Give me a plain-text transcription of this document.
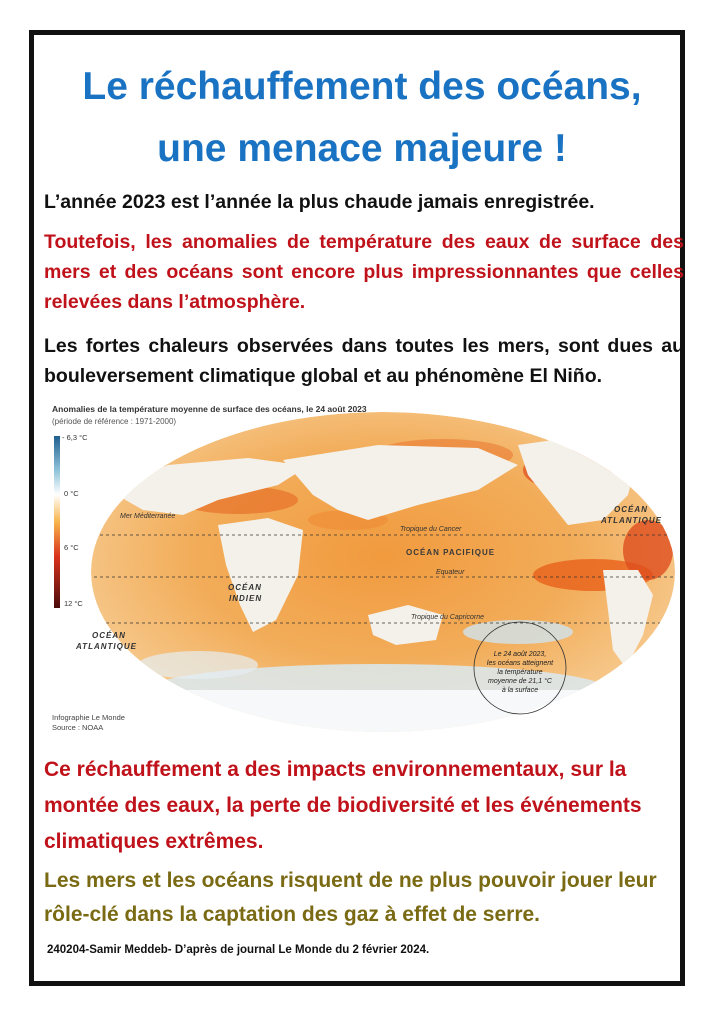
Le réchauffement des océans,
une menace majeure !

L’année 2023 est l’année la plus chaude jamais enregistrée.

Toutefois, les anomalies de température des eaux de surface des mers et des océans sont encore plus impressionnantes que celles relevées dans l’atmosphère.

Les fortes chaleurs observées dans toutes les mers, sont dues au bouleversement climatique global et au phénomène El Niño.

Anomalies de la température moyenne de surface des océans, le 24 août 2023
(période de référence : 1971-2000)
- 6,3 °C
0 °C
6 °C
12 °C
Le 24 août 2023,
les océans atteignent
la température
moyenne de 21,1 °C
à la surface
Mer Méditerranée
Tropique du Cancer
Equateur
Tropique du Capricorne
OCÉAN PACIFIQUE
OCÉAN
INDIEN
OCÉAN
ATLANTIQUE
OCÉAN
ATLANTIQUE
Infographie Le Monde
Source : NOAA

Ce réchauffement a des impacts environnementaux, sur la montée des eaux, la perte de biodiversité et les événements climatiques extrêmes.

Les mers et les océans risquent de ne plus pouvoir jouer leur rôle-clé dans la captation des gaz à effet de serre.

240204-Samir Meddeb- D’après de journal Le Monde du 2 février 2024.
